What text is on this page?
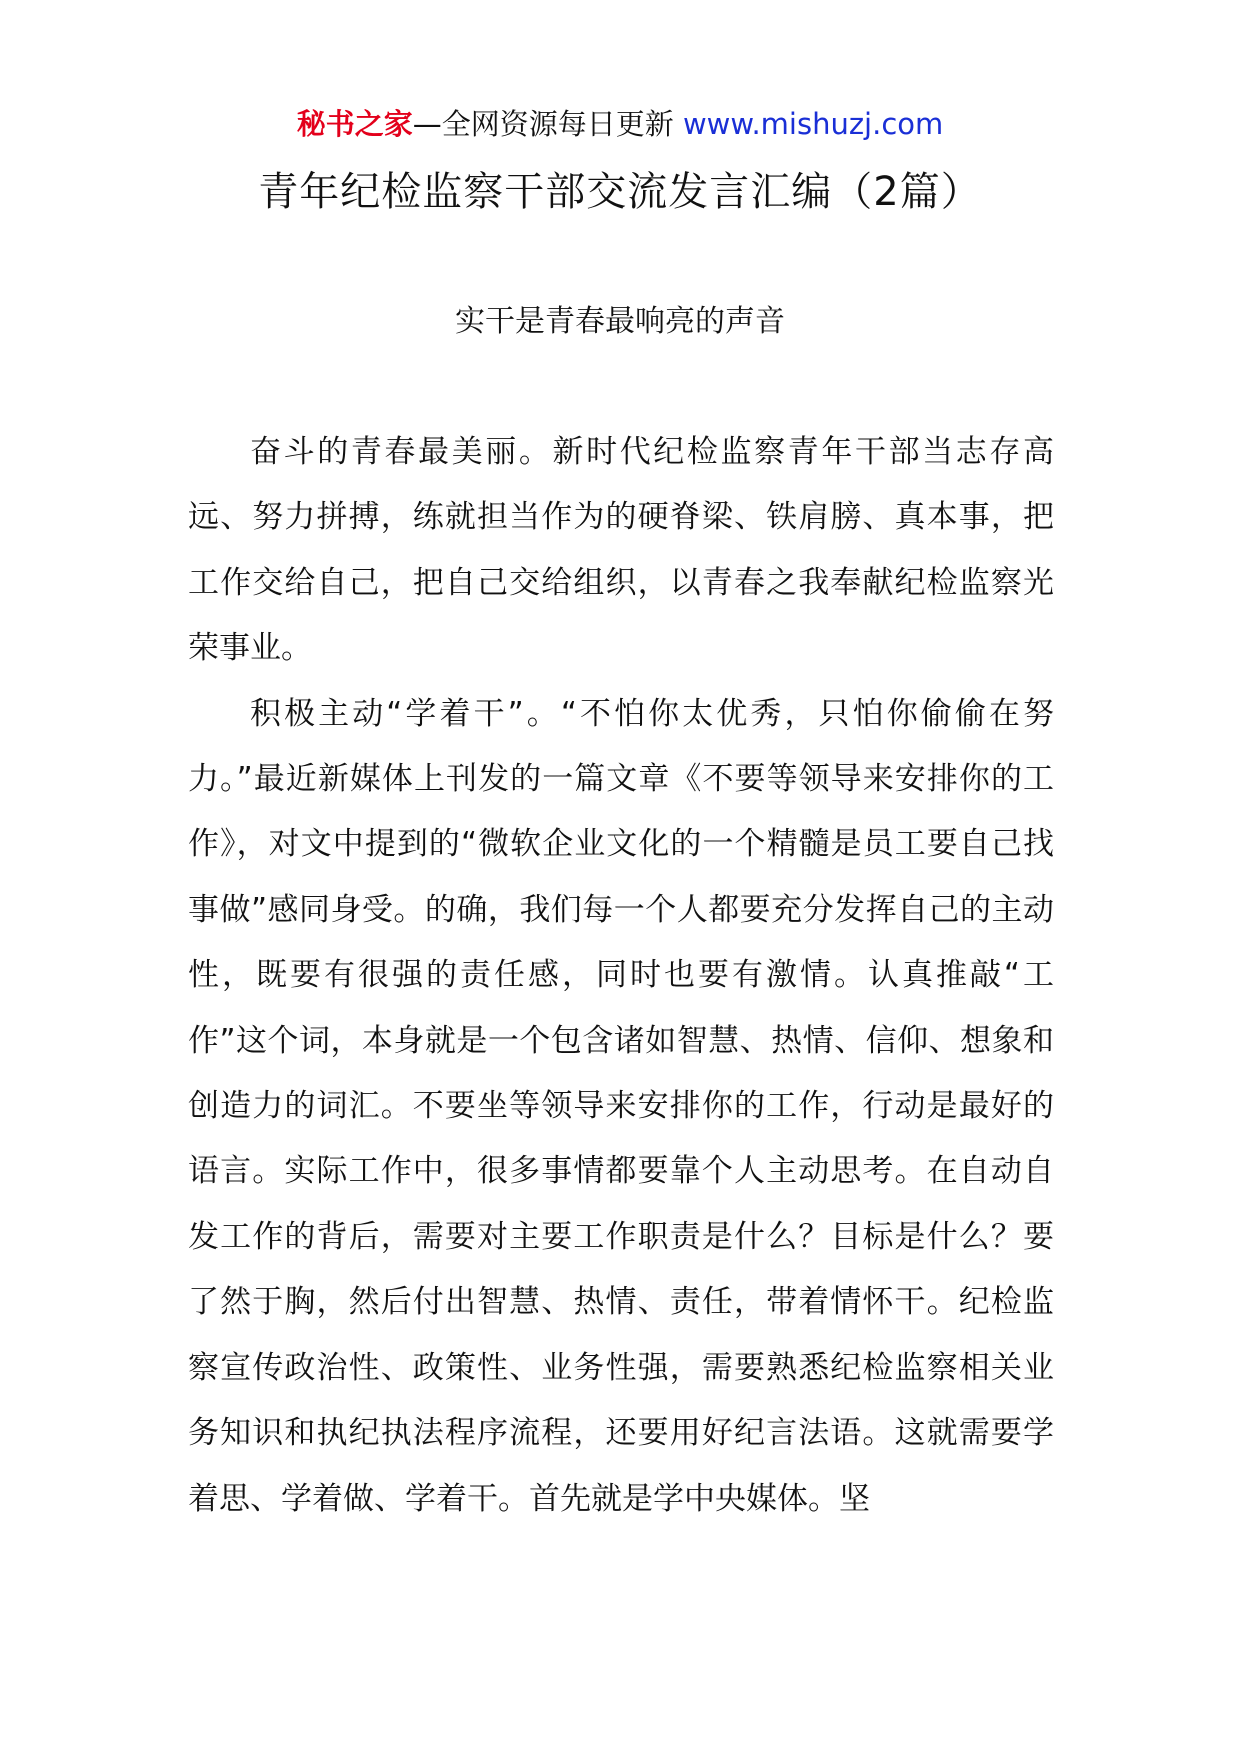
秘书之家—全网资源每日更新 www.mishuzj.com
青年纪检监察干部交流发言汇编（2篇）
实干是青春最响亮的声音

奋斗的青春最美丽。新时代纪检监察青年干部当志存高远、努力拼搏，练就担当作为的硬脊梁、铁肩膀、真本事，把工作交给自己，把自己交给组织，以青春之我奉献纪检监察光荣事业。

积极主动“学着干”。“不怕你太优秀，只怕你偷偷在努力。”最近新媒体上刊发的一篇文章《不要等领导来安排你的工作》，对文中提到的“微软企业文化的一个精髓是员工要自己找事做”感同身受。的确，我们每一个人都要充分发挥自己的主动性，既要有很强的责任感，同时也要有激情。认真推敲“工作”这个词，本身就是一个包含诸如智慧、热情、信仰、想象和创造力的词汇。不要坐等领导来安排你的工作，行动是最好的语言。实际工作中，很多事情都要靠个人主动思考。在自动自发工作的背后，需要对主要工作职责是什么？目标是什么？要了然于胸，然后付出智慧、热情、责任，带着情怀干。纪检监察宣传政治性、政策性、业务性强，需要熟悉纪检监察相关业务知识和执纪执法程序流程，还要用好纪言法语。这就需要学着思、学着做、学着干。首先就是学中央媒体。坚
